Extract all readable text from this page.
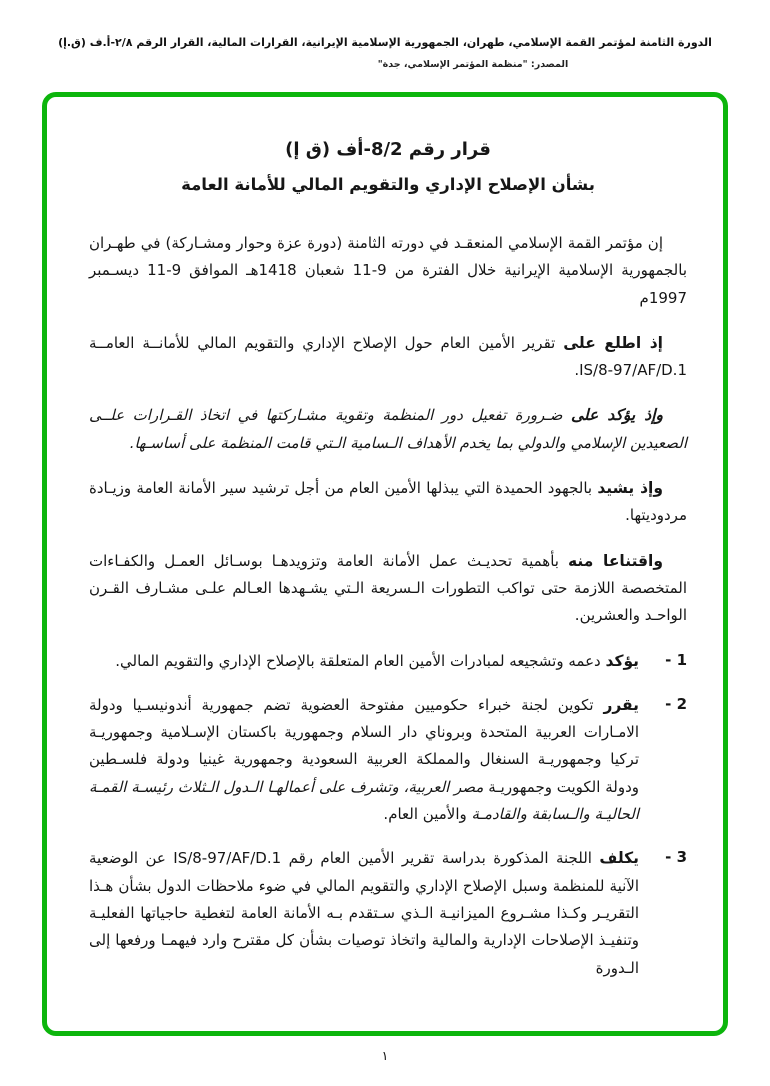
الدورة الثامنة لمؤتمر القمة الإسلامي، طهران، الجمهورية الإسلامية الإيرانية، القرارات المالية، القرار الرقم ٢/٨-أ.ف (ق.إ)
المصدر: "منظمة المؤتمر الإسلامي، جدة"
قرار رقم 8/2-أف (ق إ)
بشأن الإصلاح الإداري والتقويم المالي للأمانة العامة

إن مؤتمر القمة الإسلامي المنعقـد في دورته الثامنة (دورة عزة وحوار ومشـاركة) في طهـران بالجمهورية الإسلامية الإيرانية خلال الفترة من 9-11 شعبان 1418هـ الموافق 9-11 ديسـمبر 1997م

إذ اطلع على تقرير الأمين العام حول الإصلاح الإداري والتقويم المالي للأمانــة العامــة IS/8-97/AF/D.1.

وإذ يؤكد على ضـرورة تفعيل دور المنظمة وتقوية مشـاركتها في اتخاذ القـرارات علــى الصعيدين الإسلامي والدولي بما يخدم الأهداف الـسامية الـتي قامت المنظمة على أساسـها.

وإذ يشيد بالجهود الحميدة التي يبذلها الأمين العام من أجل ترشيد سير الأمانة العامة وزيـادة مردوديتها.

واقتناعا منه بأهمية تحديـث عمل الأمانة العامة وتزويدهـا بوسـائل العمـل والكفـاءات المتخصصة اللازمة حتى تواكب التطورات الـسريعة الـتي يشـهدها العـالم علـى مشـارف القـرن الواحـد والعشرين.

1 -
يؤكد دعمه وتشجيعه لمبادرات الأمين العام المتعلقة بالإصلاح الإداري والتقويم المالي.
2 -
يقرر تكوين لجنة خبراء حكوميين مفتوحة العضوية تضم جمهورية أندونيسـيا ودولة الامـارات العربية المتحدة وبروناي دار السلام وجمهورية باكستان الإسـلامية وجمهوريـة تركيا وجمهوريـة السنغال والمملكة العربية السعودية وجمهورية غينيا ودولة فلسـطين ودولة الكويت وجمهوريـة مصر العربية، وتشرف على أعمالهـا الـدول الـثلاث رئيسـة القمـة الحاليـة والـسابقة والقادمـة والأمين العام.
3 -
يكلف اللجنة المذكورة بدراسة تقرير الأمين العام رقم IS/8-97/AF/D.1 عن الوضعية الآنية للمنظمة وسبل الإصلاح الإداري والتقويم المالي في ضوء ملاحظات الدول بشأن هـذا التقريـر وكـذا مشـروع الميزانيـة الـذي سـتقدم بـه الأمانة العامة لتغطية حاجياتها الفعليـة وتنفيـذ الإصلاحات الإدارية والمالية واتخاذ توصيات بشأن كل مقترح وارد فيهمـا ورفعها إلى الـدورة
١
